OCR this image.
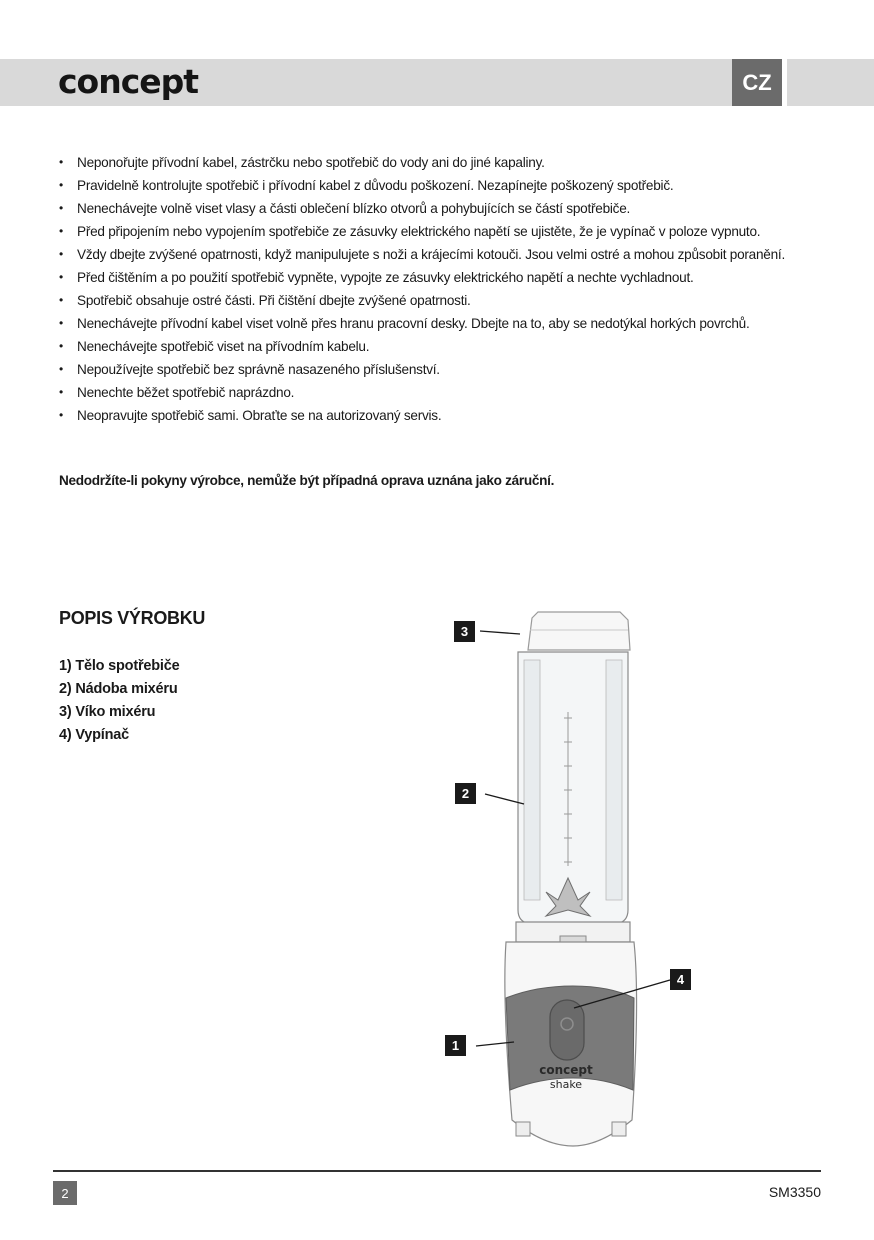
concept	CZ
• Neponořujte přívodní kabel, zástrčku nebo spotřebič do vody ani do jiné kapaliny.
• Pravidelně kontrolujte spotřebič i přívodní kabel z důvodu poškození. Nezapínejte poškozený spotřebič.
• Nenechávejte volně viset vlasy a části oblečení blízko otvorů a pohybujících se částí spotřebiče.
• Před připojením nebo vypojením spotřebiče ze zásuvky elektrického napětí se ujistěte, že je vypínač v poloze vypnuto.
• Vždy dbejte zvýšené opatrnosti, když manipulujete s noži a krájecími kotouči. Jsou velmi ostré a mohou způsobit poranění.
• Před čištěním a po použití spotřebič vypněte, vypojte ze zásuvky elektrického napětí a nechte vychladnout.
• Spotřebič obsahuje ostré části. Při čištění dbejte zvýšené opatrnosti.
• Nenechávejte přívodní kabel viset volně přes hranu pracovní desky. Dbejte na to, aby se nedotýkal horkých povrchů.
• Nenechávejte spotřebič viset na přívodním kabelu.
• Nepoužívejte spotřebič bez správně nasazeného příslušenství.
• Nenechte běžet spotřebič naprázdno.
• Neopravujte spotřebič sami. Obraťte se na autorizovaný servis.
Nedodržíte-li pokyny výrobce, nemůže být případná oprava uznána jako záruční.
POPIS VÝROBKU
1) Tělo spotřebiče
2) Nádoba mixéru
3) Víko mixéru
4) Vypínač
concept
shake
3
2
4
1
2	SM3350
